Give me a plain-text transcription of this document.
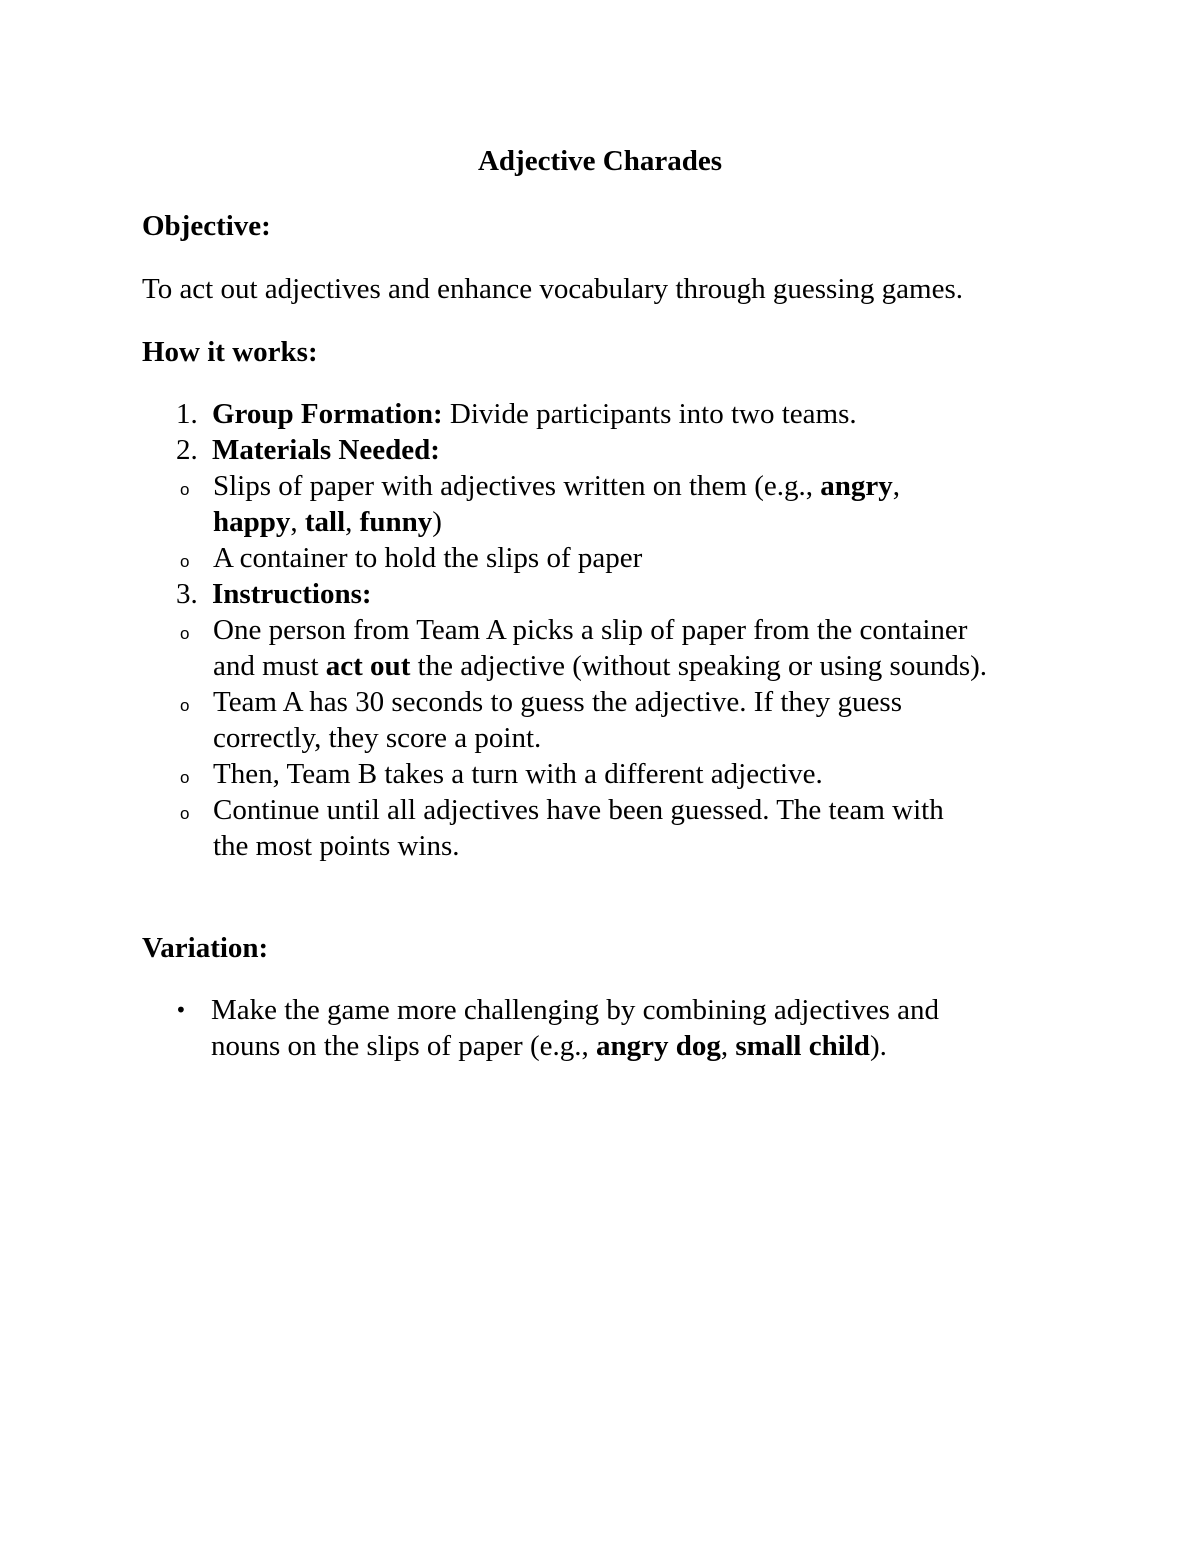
Adjective Charades
Objective:
To act out adjectives and enhance vocabulary through guessing games.
How it works:
1. Group Formation: Divide participants into two teams.
2. Materials Needed:
o Slips of paper with adjectives written on them (e.g., angry, happy, tall, funny)
o A container to hold the slips of paper
3. Instructions:
o One person from Team A picks a slip of paper from the container and must act out the adjective (without speaking or using sounds).
o Team A has 30 seconds to guess the adjective. If they guess correctly, they score a point.
o Then, Team B takes a turn with a different adjective.
o Continue until all adjectives have been guessed. The team with the most points wins.
Variation:
• Make the game more challenging by combining adjectives and nouns on the slips of paper (e.g., angry dog, small child).
